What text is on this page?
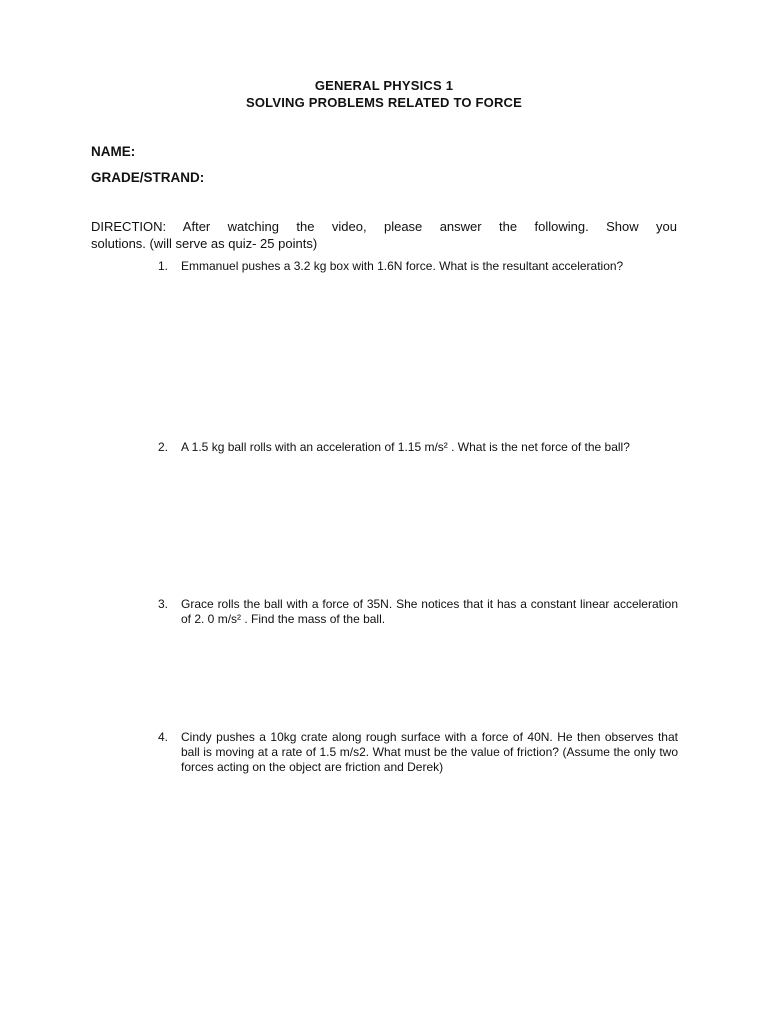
GENERAL PHYSICS 1
SOLVING PROBLEMS RELATED TO FORCE
NAME:
GRADE/STRAND:
DIRECTION: After watching the video, please answer the following. Show you
solutions. (will serve as quiz- 25 points)
1.	Emmanuel pushes a 3.2 kg box with 1.6N force. What is the resultant acceleration?
2.	A 1.5 kg ball rolls with an acceleration of 1.15 m/s² . What is the net force of the ball?
3.	Grace rolls the ball with a force of 35N. She notices that it has a constant linear acceleration of 2. 0 m/s² . Find the mass of the ball.
4.	Cindy pushes a 10kg crate along rough surface with a force of 40N. He then observes that ball is moving at a rate of 1.5 m/s2. What must be the value of friction? (Assume the only two forces acting on the object are friction and Derek)
